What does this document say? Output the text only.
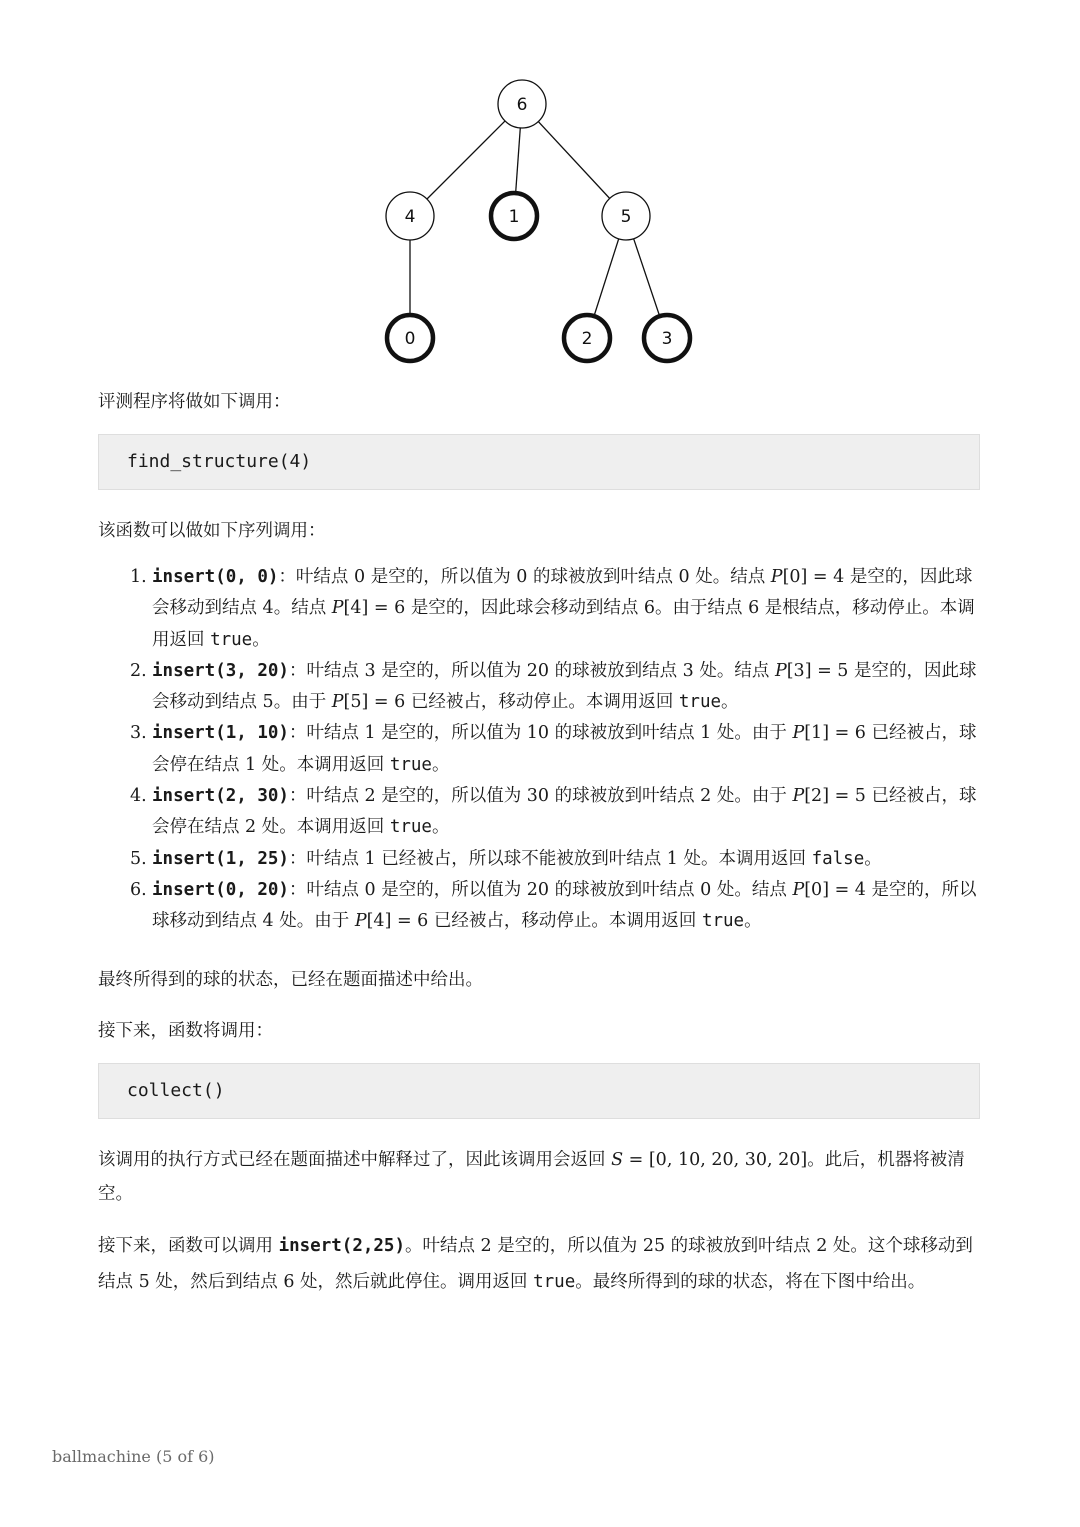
6
4	1	5
0	2	3

评测程序将做如下调用：

find_structure(4)

该函数可以做如下序列调用：

1. insert(0, 0)：叶结点 0 是空的，所以值为 0 的球被放到叶结点 0 处。结点 P[0] = 4 是空的，因此球会移动到结点 4。结点 P[4] = 6 是空的，因此球会移动到结点 6。由于结点 6 是根结点，移动停止。本调用返回 true。
2. insert(3, 20)：叶结点 3 是空的，所以值为 20 的球被放到结点 3 处。结点 P[3] = 5 是空的，因此球会移动到结点 5。由于 P[5] = 6 已经被占，移动停止。本调用返回 true。
3. insert(1, 10)：叶结点 1 是空的，所以值为 10 的球被放到叶结点 1 处。由于 P[1] = 6 已经被占，球会停在结点 1 处。本调用返回 true。
4. insert(2, 30)：叶结点 2 是空的，所以值为 30 的球被放到叶结点 2 处。由于 P[2] = 5 已经被占，球会停在结点 2 处。本调用返回 true。
5. insert(1, 25)：叶结点 1 已经被占，所以球不能被放到叶结点 1 处。本调用返回 false。
6. insert(0, 20)：叶结点 0 是空的，所以值为 20 的球被放到叶结点 0 处。结点 P[0] = 4 是空的，所以球移动到结点 4 处。由于 P[4] = 6 已经被占，移动停止。本调用返回 true。

最终所得到的球的状态，已经在题面描述中给出。

接下来，函数将调用：

collect()

该调用的执行方式已经在题面描述中解释过了，因此该调用会返回 S = [0, 10, 20, 30, 20]。此后，机器将被清空。

接下来，函数可以调用 insert(2,25)。叶结点 2 是空的，所以值为 25 的球被放到叶结点 2 处。这个球移动到结点 5 处，然后到结点 6 处，然后就此停住。调用返回 true。最终所得到的球的状态，将在下图中给出。

ballmachine (5 of 6)
